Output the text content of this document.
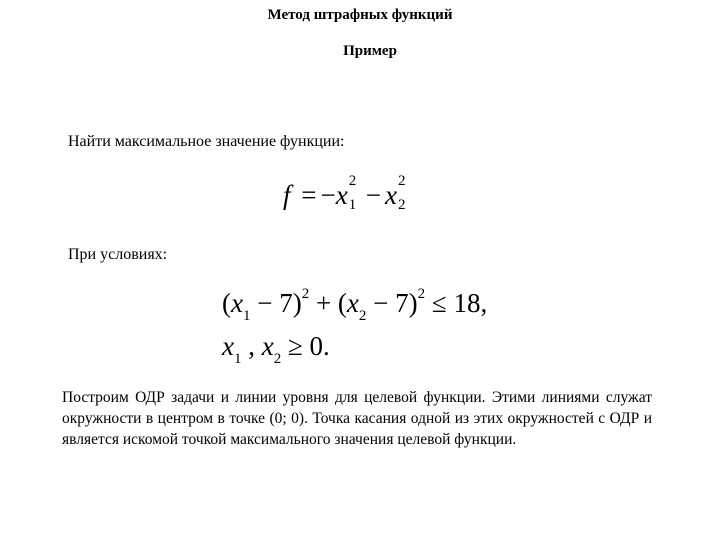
Метод штрафных функций
Пример
Найти максимальное значение функции:
f = −x 2
1 − x 2
2
При условиях:
$(x_1 - 7)^2 + (x_2 - 7)^2 \le 18$,
$x_1$ , $x_2 \ge 0$.
Построим ОДР задачи и линии уровня для целевой функции. Этими линиями служат окружности в центром в точке (0; 0). Точка касания одной из этих окружностей с ОДР и является искомой точкой максимального значения целевой функции.
